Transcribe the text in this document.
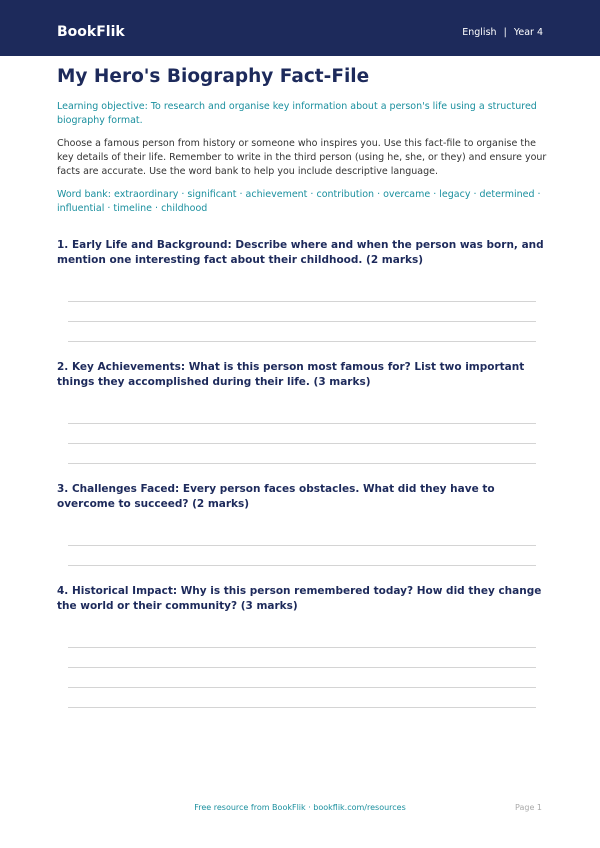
BookFlik	English | Year 4
My Hero's Biography Fact-File
Learning objective: To research and organise key information about a person's life using a structured biography format.
Choose a famous person from history or someone who inspires you. Use this fact-file to organise the key details of their life. Remember to write in the third person (using he, she, or they) and ensure your facts are accurate. Use the word bank to help you include descriptive language.
Word bank: extraordinary · significant · achievement · contribution · overcame · legacy · determined · influential · timeline · childhood
1. Early Life and Background: Describe where and when the person was born, and mention one interesting fact about their childhood. (2 marks)
2. Key Achievements: What is this person most famous for? List two important things they accomplished during their life. (3 marks)
3. Challenges Faced: Every person faces obstacles. What did they have to overcome to succeed? (2 marks)
4. Historical Impact: Why is this person remembered today? How did they change the world or their community? (3 marks)
Free resource from BookFlik · bookflik.com/resources	Page 1
